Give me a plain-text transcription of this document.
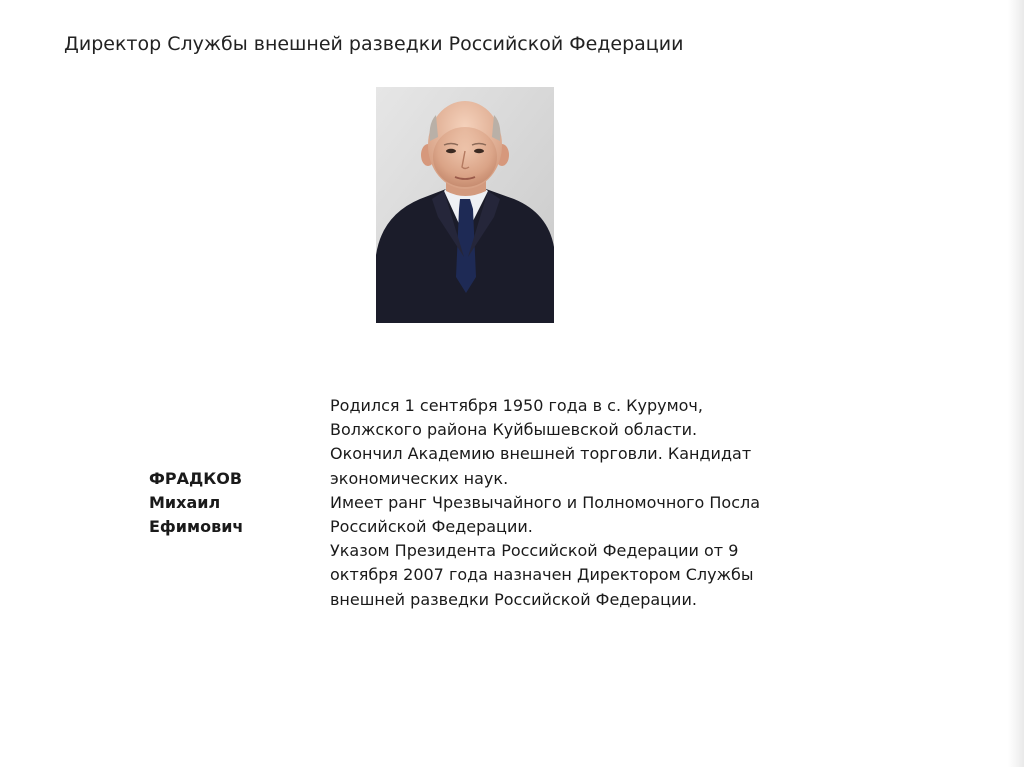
Директор Службы внешней разведки Российской Федерации
ФРАДКОВ
Михаил
Ефимович
Родился 1 сентября 1950 года в с. Курумоч,
Волжского района Куйбышевской области.
Окончил Академию внешней торговли. Кандидат
экономических наук.
Имеет ранг Чрезвычайного и Полномочного Посла
Российской Федерации.
Указом Президента Российской Федерации от 9
октября 2007 года назначен Директором Службы
внешней разведки Российской Федерации.
